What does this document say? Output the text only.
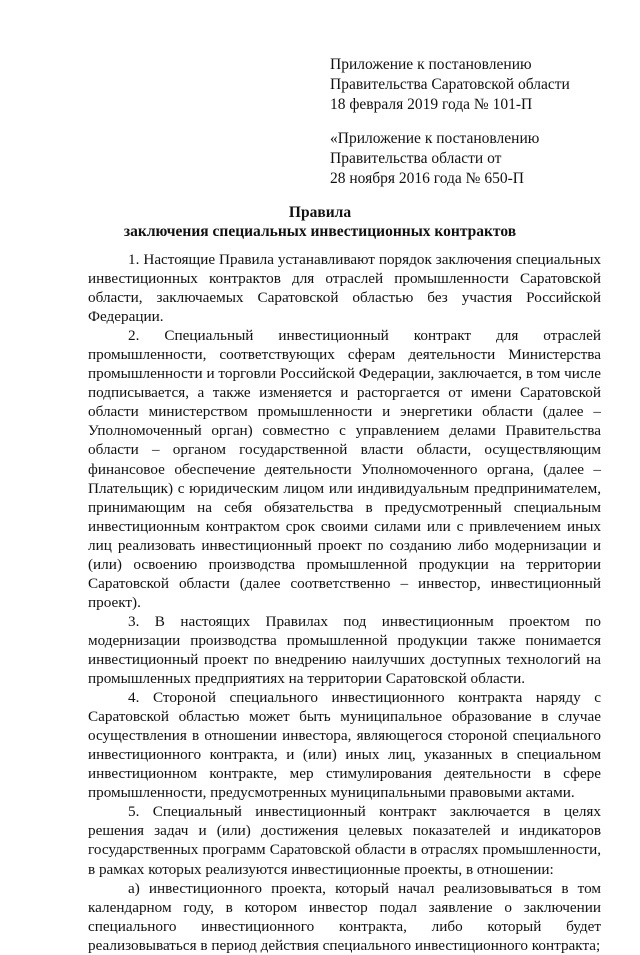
Приложение к постановлению
Правительства Саратовской области
18 февраля 2019 года № 101-П
«Приложение к постановлению
Правительства области от
28 ноября 2016 года № 650-П
Правила
заключения специальных инвестиционных контрактов

1. Настоящие Правила устанавливают порядок заключения специальных инвестиционных контрактов для отраслей промышленности Саратовской области, заключаемых Саратовской областью без участия Российской Федерации.

2. Специальный инвестиционный контракт для отраслей промышленности, соответствующих сферам деятельности Министерства промышленности и торговли Российской Федерации, заключается, в том числе подписывается, а также изменяется и расторгается от имени Саратовской области министерством промышленности и энергетики области (далее – Уполномоченный орган) совместно с управлением делами Правительства области – органом государственной власти области, осуществляющим финансовое обеспечение деятельности Уполномоченного органа, (далее – Плательщик) с юридическим лицом или индивидуальным предпринимателем, принимающим на себя обязательства в предусмотренный специальным инвестиционным контрактом срок своими силами или с привлечением иных лиц реализовать инвестиционный проект по созданию либо модернизации и (или) освоению производства промышленной продукции на территории Саратовской области (далее соответственно – инвестор, инвестиционный проект).

3. В настоящих Правилах под инвестиционным проектом по модернизации производства промышленной продукции также понимается инвестиционный проект по внедрению наилучших доступных технологий на промышленных предприятиях на территории Саратовской области.

4. Стороной специального инвестиционного контракта наряду с Саратовской областью может быть муниципальное образование в случае осуществления в отношении инвестора, являющегося стороной специального инвестиционного контракта, и (или) иных лиц, указанных в специальном инвестиционном контракте, мер стимулирования деятельности в сфере промышленности, предусмотренных муниципальными правовыми актами.

5. Специальный инвестиционный контракт заключается в целях решения задач и (или) достижения целевых показателей и индикаторов государственных программ Саратовской области в отраслях промышленности, в рамках которых реализуются инвестиционные проекты, в отношении:

а) инвестиционного проекта, который начал реализовываться в том календарном году, в котором инвестор подал заявление о заключении специального инвестиционного контракта, либо который будет реализовываться в период действия специального инвестиционного контракта;
